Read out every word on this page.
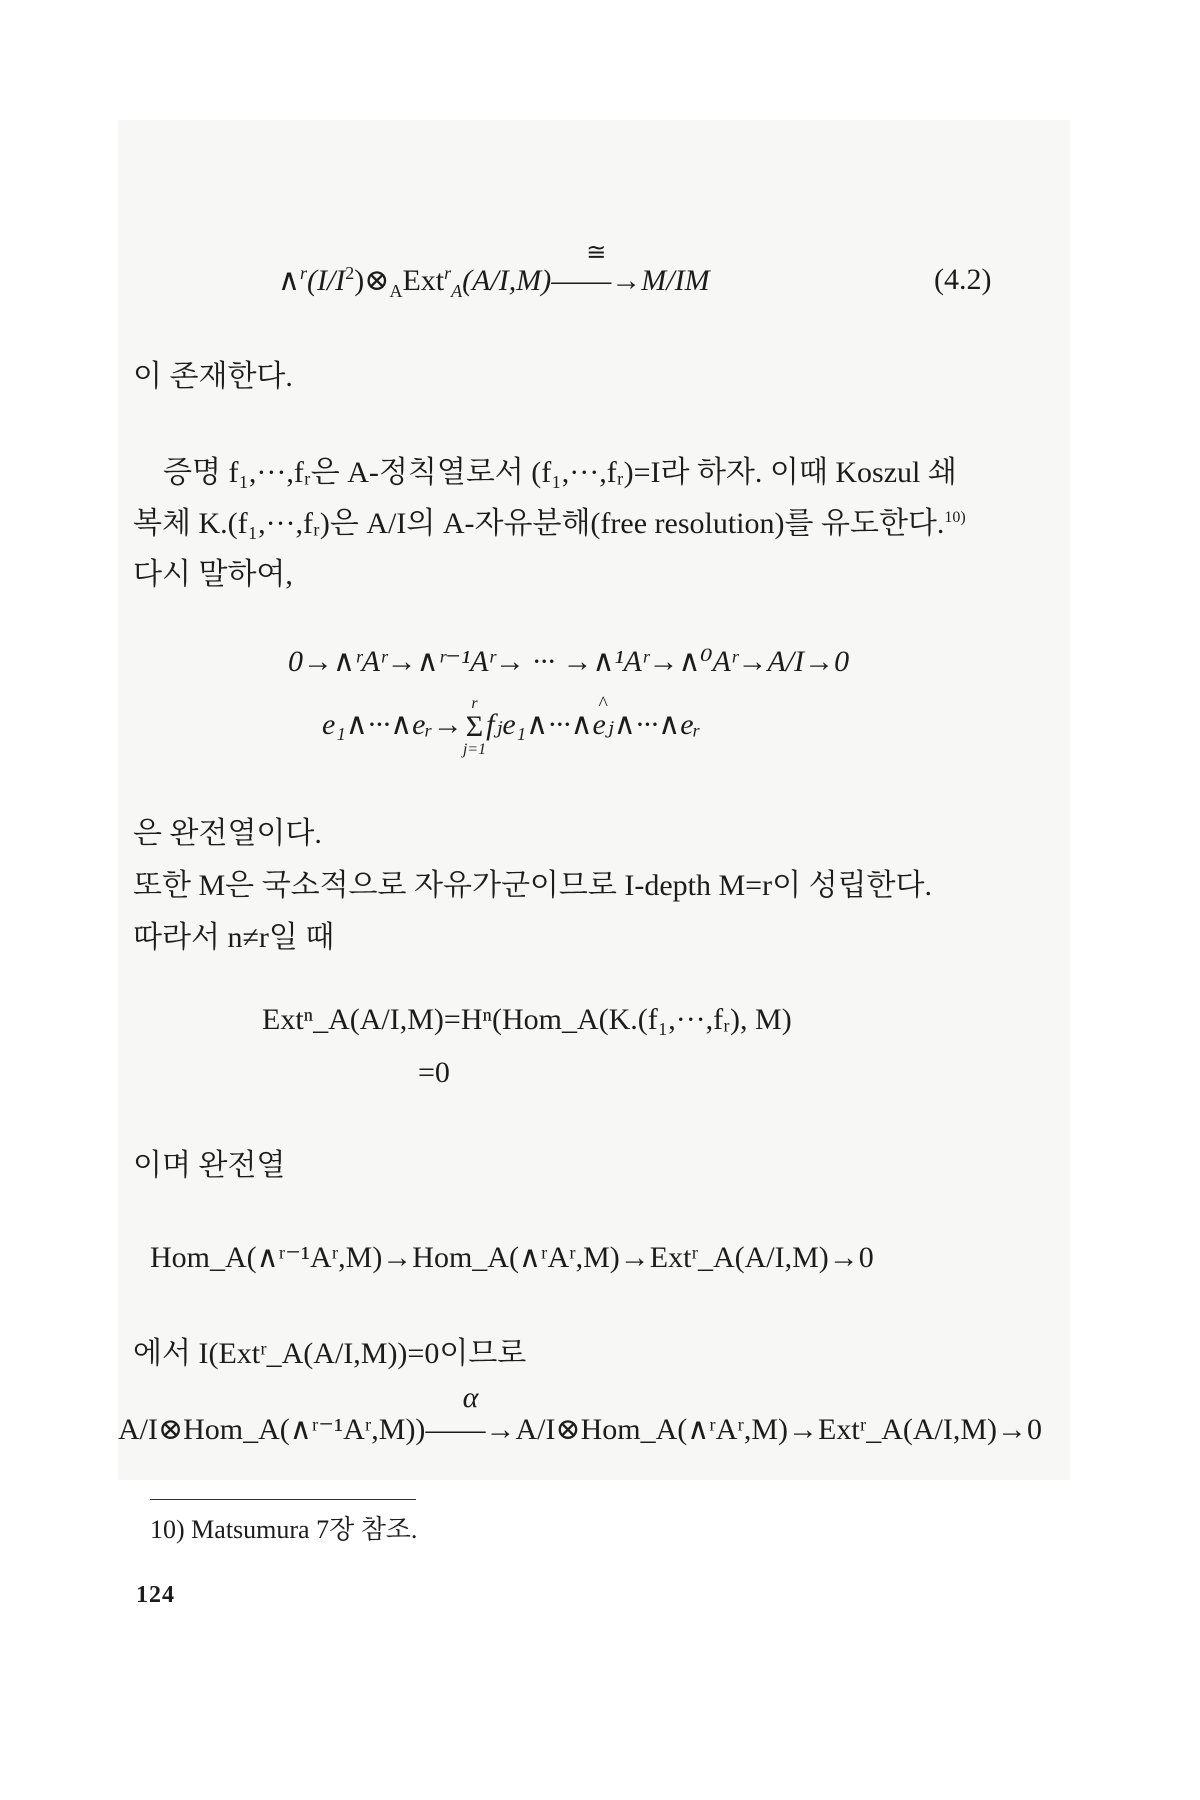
$\wedge^r(I/I^2)\otimes_AExt^r_A(A/I,M)$
≅
——→M/IM	(4.2)
이 존재한다.
증명 f₁,···,fᵣ은 A-정칙열로서 (f₁,···,fᵣ)=I라 하자. 이때 Koszul 쇄
복체 K.(f₁,···,fᵣ)은 A/I의 A-자유분해(free resolution)를 유도한다.$^{10)}$
다시 말하여,
0→∧ʳAʳ→∧ʳ⁻¹Aʳ→ ··· →∧¹Aʳ→∧⁰Aʳ→A/I→0
e₁∧···∧eᵣ→
r
Σ
j=1
fⱼe₁∧···∧^ eⱼ∧···∧eᵣ
은 완전열이다.
또한 M은 국소적으로 자유가군이므로 I-depth M=r이 성립한다.
따라서 n≠r일 때
Extⁿ_A(A/I,M)=Hⁿ(Hom_A(K.(f₁,···,fᵣ), M)
=0
이며 완전열
Hom_A(∧ʳ⁻¹Aʳ,M)→Hom_A(∧ʳAʳ,M)→Extʳ_A(A/I,M)→0
에서 I(Extʳ_A(A/I,M))=0이므로
A/I⊗Hom_A(∧ʳ⁻¹Aʳ,M))
α
——→A/I⊗Hom_A(∧ʳAʳ,M)→Extʳ_A(A/I,M)→0
10) Matsumura 7장 참조.
124
